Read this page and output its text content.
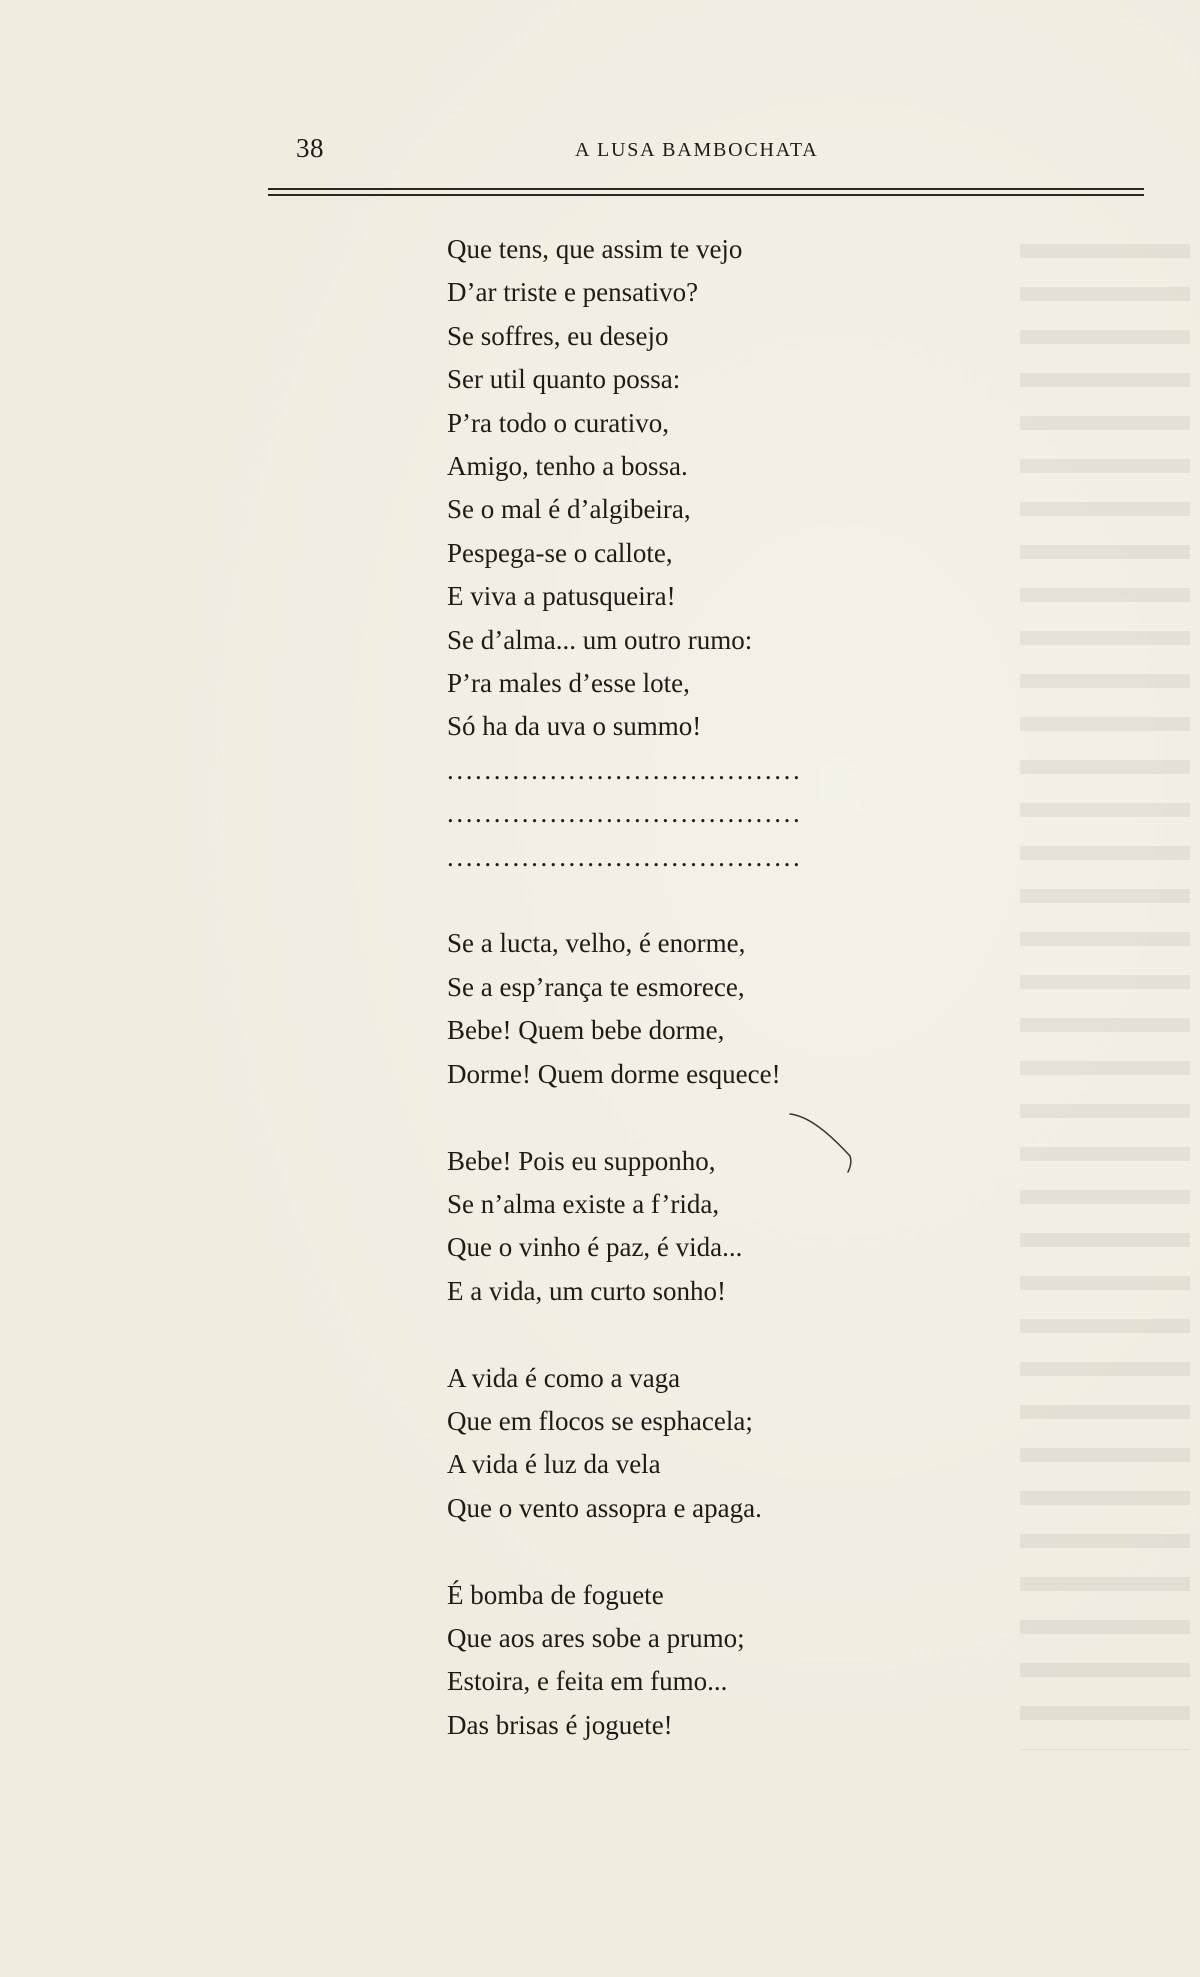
38	A LUSA BAMBOCHATA

Que tens, que assim te vejo

D’ar triste e pensativo?

Se soffres, eu desejo

Ser util quanto possa:

P’ra todo o curativo,

Amigo, tenho a bossa.

Se o mal é d’algibeira,

Pespega-se o callote,

E viva a patusqueira!

Se d’alma... um outro rumo:

P’ra males d’esse lote,

Só ha da uva o summo!

......................................

......................................

......................................

Se a lucta, velho, é enorme,

Se a esp’rança te esmorece,

Bebe! Quem bebe dorme,

Dorme! Quem dorme esquece!

Bebe! Pois eu supponho,

Se n’alma existe a f’rida,

Que o vinho é paz, é vida...

E a vida, um curto sonho!

A vida é como a vaga

Que em flocos se esphacela;

A vida é luz da vela

Que o vento assopra e apaga.

É bomba de foguete

Que aos ares sobe a prumo;

Estoira, e feita em fumo...

Das brisas é joguete!
